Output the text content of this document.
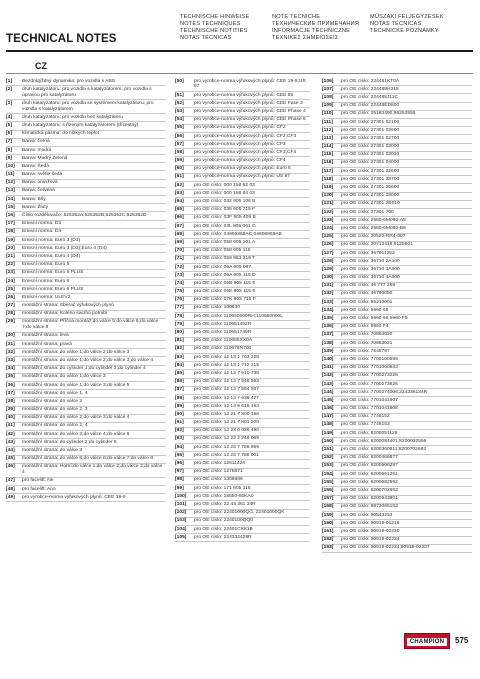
TECHNISCHE HINWEISE
NOTES TECHNIQUES
TECHNISCHE NOTITIES
NOTAS TÉCNICAS
NOTE TECNICHE
ТЕХНИЧЕСКИЕ ПРИМЕЧАНИЯ
INFORMACJE TECHNICZNE
ΤΕΧΝΙΚΕΣ ΣΗΜΕΙΩΣΕΙΣ
MŰSZAKI FELJEGYZÉSEK
NOTAS TÉCNICAS
TECHNICKÉ POZNÁMKY
TECHNICAL NOTES
CZ
[1]	Bezdrátýždný dynamika: pro vozidla s ABS
[2]	druh katalyzátoru: pro vozidla s katalyzátorem; pro vozidla s úpravou pro katalyzátoru
[3]	druh katalyzátoru: pro vozidla se systémem katalyzátoru; pro vozidla s katalyzátorem
[4]	druh katalyzátoru: pro vozidla bez katalyzátoru
[5]	druh katalyzátoru: s řízeným katalyzátorem (třícestný)
[6]	klimatická pásma: do nízkých teplot
[7]	Barva: černá
[8]	Barva: modrá
[9]	Barva: Modrý Zelená
[10]	Barva: Šedá
[11]	Barva: světle šedá
[12]	Barva: oranžová
[13]	Barva: červená
[14]	Barva: Bílý
[15]	Barva: Žlutý
[16]	Číslo rozdělovače: 525352A;525352B;525352C;525352D
[17]	Emisní norma: D3
[18]	Emisní norma: D4
[19]	Emisní norma: Euro 3 (D3)
[20]	Emisní norma: Euro 3 (D3);Euro 4 (D4)
[21]	Emisní norma: Euro 4 (D4)
[22]	Emisní norma: Euro 5
[23]	Emisní norma: Euro 5 PLUS
[24]	Emisní norma: Euro 6
[25]	Emisní norma: Euro 6 PLUS
[26]	Emisní norma: ULEV2
[27]	montážní strana: Sberač výfukových plynů
[28]	montážní strana: Koleno sacího potrubí
[29]	montážní strana: Příčná montáž;do válce 5;do válce 6;do válce 7;do válce 8
[30]	montážní strana: levá
[31]	montážní strana: pravá
[32]	montážní strana: do válce 1;do válce 2;do válce 3
[33]	montážní strana: do válce 1;do válce 2;do válce 3;do válce 4
[34]	montážní strana: do cylinder 1;do cylinder 2;do cylinder 4
[35]	montážní strana: do válce 1;do válce 3
[36]	montážní strana: do válce 1;do válce 3;do válce 5
[37]	montážní strana: do válce 1, 4
[38]	montážní strana: do válce 2
[39]	montážní strana: do válce 2, 3
[40]	montážní strana: do válce 2;do válce 3;do válce 4
[41]	montážní strana: do válce 2, 4
[42]	montážní strana: do válce 2;do válce 4;do válce 6
[43]	montážní strana: do cylinder 2;do cylinder 5
[44]	montážní strana: do válce 3
[45]	montážní strana: do válce 5;do válce 6;do válce 7;do válce 8
[46]	montážní strana: Horní;do válce 1;do válce 2;do válce 3;do válce 4
[47]	pro facelift: Ne
[48]	pro facelift: Ano
[49]	pro vyrobce-norma výfukových plynů: CEE 19-5
[50]	pro vyrobce-norma výfukových plynů: CEE 19-5;US 87
[51]	pro vyrobce-norma výfukových plynů: CEE 85
[52]	pro vyrobce-norma výfukových plynů: CEE Fase 3
[53]	pro vyrobce-norma výfukových plynů: CEE Phase 4
[54]	pro vyrobce-norma výfukových plynů: CEE Phase 5
[55]	pro vyrobce-norma výfukových plynů: CF2
[56]	pro vyrobce-norma výfukových plynů: CF2;CF3
[57]	pro vyrobce-norma výfukových plynů: CF3
[58]	pro vyrobce-norma výfukových plynů: CF3;CF4
[59]	pro vyrobce-norma výfukových plynů: CF4
[60]	pro vyrobce-norma výfukových plynů: Euro 5
[61]	pro vyrobce-norma výfukových plynů: US 87
[62]	pro OE císlo: 000 158 62 03
[63]	pro OE císlo: 000 158 64 03
[64]	pro OE císlo: 032 905 106 B
[65]	pro OE císlo: 036 905 715 F
[66]	pro OE císlo: 03F 905 409 B
[67]	pro OE císlo: 03L 905 061 G
[68]	pro OE císlo: 04606869AC;04606869AB
[69]	pro OE císlo: 058 905 101 A
[70]	pro OE císlo: 058 905 115
[71]	pro OE císlo: 059 963 319 T
[72]	pro OE císlo: 06A 905 097
[73]	pro OE císlo: 06A 905 115 D
[74]	pro OE císlo: 06B 905 115 E
[75]	pro OE císlo: 06E 905 115 E
[76]	pro OE císlo: 07K 905 715 F
[77]	pro OE císlo: 100630
[78]	pro OE císlo: 110650000RH;110650000L
[79]	pro OE císlo: 110651492R
[80]	pro OE císlo: 110651749R
[81]	pro OE císlo: 110655XX0A
[82]	pro OE císlo: 110678N700
[83]	pro OE císlo: 12 13 1 703 228
[84]	pro OE císlo: 12 13 1 712 219
[85]	pro OE císlo: 12 13 7 510 738
[86]	pro OE císlo: 12 13 7 548 553
[87]	pro OE císlo: 12 13 7 594 937
[88]	pro OE císlo: 12 13 7 638 477
[89]	pro OE císlo: 12 13 8 616 153
[90]	pro OE císlo: 12 21 7 800 156
[91]	pro OE císlo: 12 21 7 801 200
[92]	pro OE císlo: 12 23 0 038 490
[93]	pro OE císlo: 12 23 2 248 059
[94]	pro OE císlo: 12 23 7 786 869
[95]	pro OE císlo: 12 23 7 798 001
[96]	pro OE císlo: 12611424
[97]	pro OE císlo: 1275871
[98]	pro OE císlo: 1306686
[99]	pro OE císlo: 171 905 115
[100]	pro OE císlo: 18550-80KA0
[101]	pro OE císlo: 22 43 361 34R
[102]	pro OE císlo: 22401000QG, 22401000QK
[103]	pro OE císlo: 2240100QQ0
[104]	pro OE císlo: 22401CK81B
[105]	pro OE císlo: 224332428R
[106]	pro OE císlo: 224481KT0A
[107]	pro OE císlo: 224488H315
[108]	pro OE císlo: 224488J11C
[109]	pro OE císlo: 22448ED800
[110]	pro OE císlo: 25182490;96253555
[111]	pro OE císlo: 27301 02100
[112]	pro OE císlo: 27301 02600
[113]	pro OE císlo: 27301 02700
[114]	pro OE císlo: 27301 03000
[115]	pro OE císlo: 27301 03010
[116]	pro OE císlo: 27301 04000
[117]	pro OE císlo: 27301 22600
[118]	pro OE císlo: 27301 23700
[119]	pro OE císlo: 27301 26600
[120]	pro OE císlo: 27301 28000
[121]	pro OE císlo: 27301 2B010
[122]	pro OE císlo: 27301 700
[123]	pro OE císlo: 2560-6M090-A8
[124]	pro OE císlo: 2560-6M090-B8
[125]	pro OE císlo: 30520-RR4-007
[126]	pro OE císlo: 30713416;9125601
[127]	pro OE císlo: 357911253
[128]	pro OE císlo: 36710 2A100
[129]	pro OE císlo: 36710 3A000
[130]	pro OE císlo: 36710 4A000
[131]	pro OE císlo: 46 777 268
[132]	pro OE císlo: 46796050
[133]	pro OE císlo: 55210001
[134]	pro OE císlo: 5960 66
[135]	pro OE císlo: 5960 66;5960 F5
[136]	pro OE císlo: 5960 F4
[137]	pro OE císlo: 70863020
[138]	pro OE císlo: 70863021
[139]	pro OE císlo: 7648797
[140]	pro OE císlo: 7700100589
[141]	pro OE císlo: 7701060643
[142]	pro OE císlo: 7700273226
[143]	pro OE císlo: 7700273826
[144]	pro OE císlo: 7700274008;224336134R
[145]	pro OE císlo: 7701041607
[146]	pro OE císlo: 7701041608
[147]	pro OE císlo: 7746152
[148]	pro OE císlo: 7746153
[149]	pro OE císlo: 8200051128
[150]	pro OE císlo: 8200084401;8200032556
[151]	pro OE císlo: 8200360911;8200702693
[152]	pro OE císlo: 8200466877
[153]	pro OE císlo: 8200506297
[154]	pro OE císlo: 8200561251
[155]	pro OE císlo: 8200682592
[156]	pro OE císlo: 8200702693
[157]	pro OE císlo: 8200943801
[158]	pro OE císlo: 8973065193
[159]	pro OE císlo: 90543253
[160]	pro OE císlo: 90919-01218
[161]	pro OE císlo: 90919-02230
[162]	pro OE císlo: 90919-02234
[163]	pro OE císlo: 90919-02234;90919-02207
CHAMPION	575
